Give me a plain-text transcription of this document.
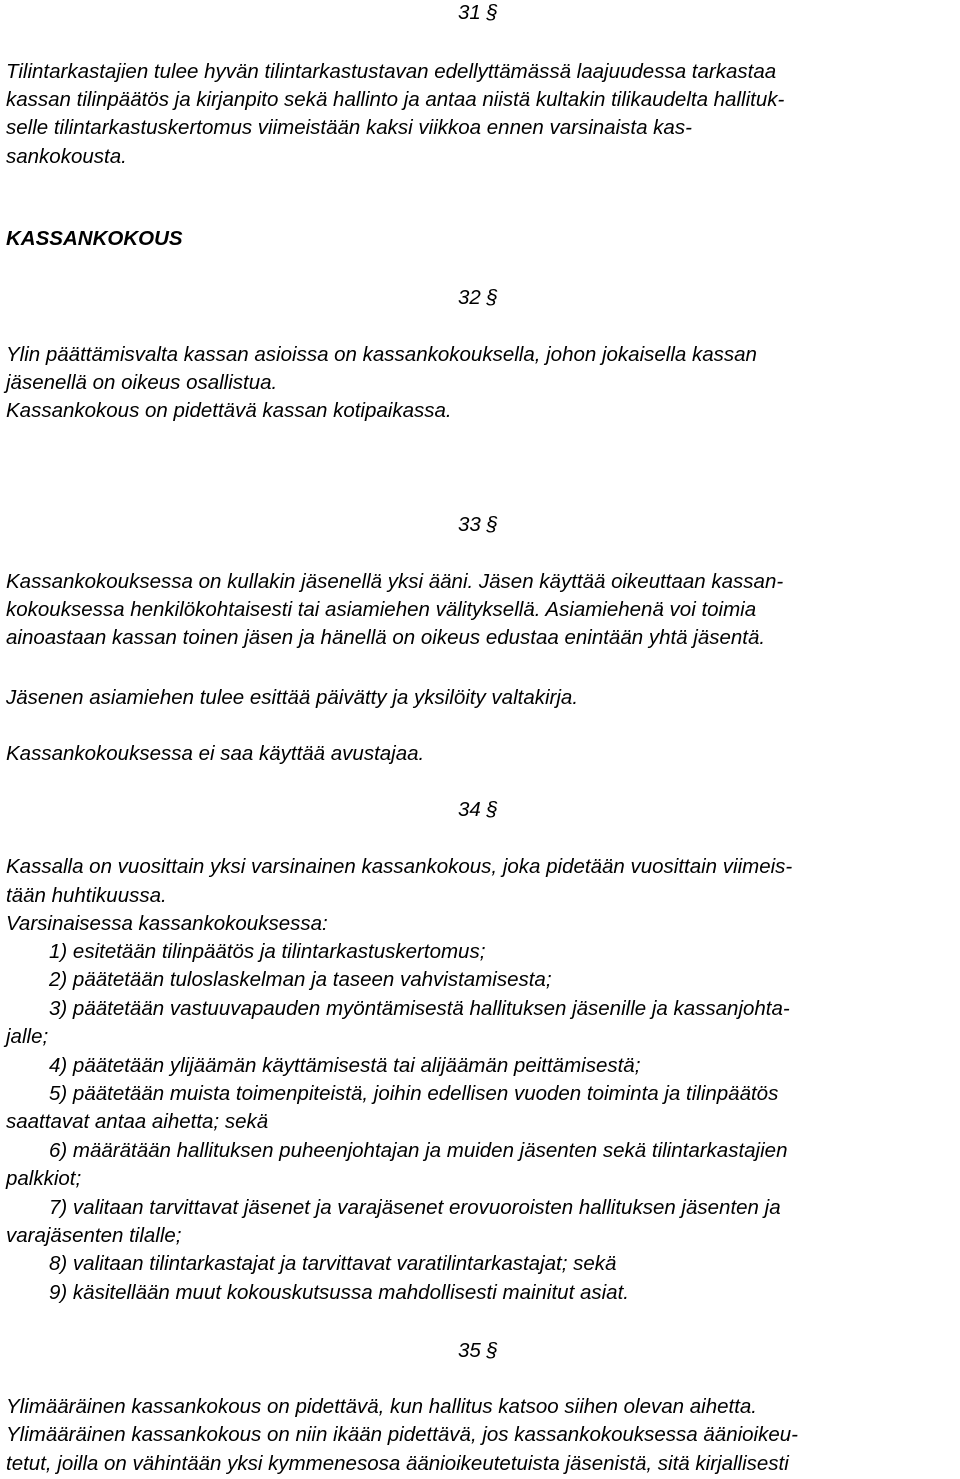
31 §
Tilintarkastajien tulee hyvän tilintarkastustavan edellyttämässä laajuudessa tarkastaa
kassan tilinpäätös ja kirjanpito sekä hallinto ja antaa niistä kultakin tilikaudelta hallituk-
selle tilintarkastuskertomus viimeistään kaksi viikkoa ennen varsinaista kas-
sankokousta.
KASSANKOKOUS
32 §
Ylin päättämisvalta kassan asioissa on kassankokouksella, johon jokaisella kassan
jäsenellä on oikeus osallistua.
Kassankokous on pidettävä kassan kotipaikassa.
33 §
Kassankokouksessa on kullakin jäsenellä yksi ääni. Jäsen käyttää oikeuttaan kassan-
kokouksessa henkilökohtaisesti tai asiamiehen välityksellä. Asiamiehenä voi toimia
ainoastaan kassan toinen jäsen ja hänellä on oikeus edustaa enintään yhtä jäsentä.
Jäsenen asiamiehen tulee esittää päivätty ja yksilöity valtakirja.
Kassankokouksessa ei saa käyttää avustajaa.
34 §
Kassalla on vuosittain yksi varsinainen kassankokous, joka pidetään vuosittain viimeis-
tään huhtikuussa.
Varsinaisessa kassankokouksessa:
1) esitetään tilinpäätös ja tilintarkastuskertomus;
2) päätetään tuloslaskelman ja taseen vahvistamisesta;
3) päätetään vastuuvapauden myöntämisestä hallituksen jäsenille ja kassanjohta-
jalle;
4) päätetään ylijäämän käyttämisestä tai alijäämän peittämisestä;
5) päätetään muista toimenpiteistä, joihin edellisen vuoden toiminta ja tilinpäätös
saattavat antaa aihetta; sekä
6) määrätään hallituksen puheenjohtajan ja muiden jäsenten sekä tilintarkastajien
palkkiot;
7) valitaan tarvittavat jäsenet ja varajäsenet erovuoroisten hallituksen jäsenten ja
varajäsenten tilalle;
8) valitaan tilintarkastajat ja tarvittavat varatilintarkastajat; sekä
9) käsitellään muut kokouskutsussa mahdollisesti mainitut asiat.
35 §
Ylimääräinen kassankokous on pidettävä, kun hallitus katsoo siihen olevan aihetta.
Ylimääräinen kassankokous on niin ikään pidettävä, jos kassankokouksessa äänioikeu-
tetut, joilla on vähintään yksi kymmenesosa äänioikeutetuista jäsenistä, sitä kirjallisesti
